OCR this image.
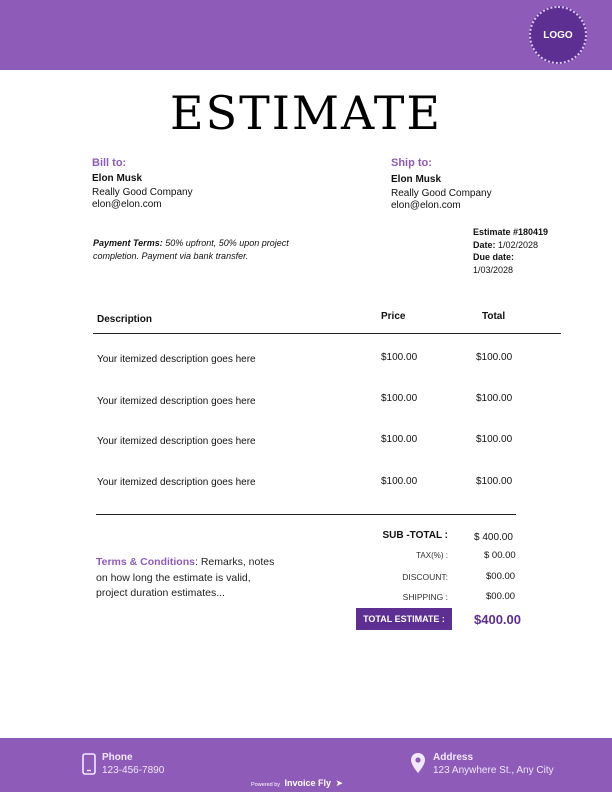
LOGO
ESTIMATE
Bill to:
Elon Musk
Really Good Company
elon@elon.com
Ship to:
Elon Musk
Really Good Company
elon@elon.com
Payment Terms: 50% upfront, 50% upon project
completion. Payment via bank transfer.
Estimate #180419
Date: 1/02/2028
Due date:
1/03/2028
Description	Price	Total
Your itemized description goes here	$100.00	$100.00
Your itemized description goes here	$100.00	$100.00
Your itemized description goes here	$100.00	$100.00
Your itemized description goes here	$100.00	$100.00
Terms & Conditions: Remarks, notes
on how long the estimate is valid,
project duration estimates...
SUB -TOTAL :	$ 400.00
TAX(%) :	$ 00.00
DISCOUNT:	$00.00
SHIPPING :	$00.00
TOTAL ESTIMATE :	$400.00
Phone
123-456-7890
Address
123 Anywhere St., Any City
Powered by Invoice Fly ➤
